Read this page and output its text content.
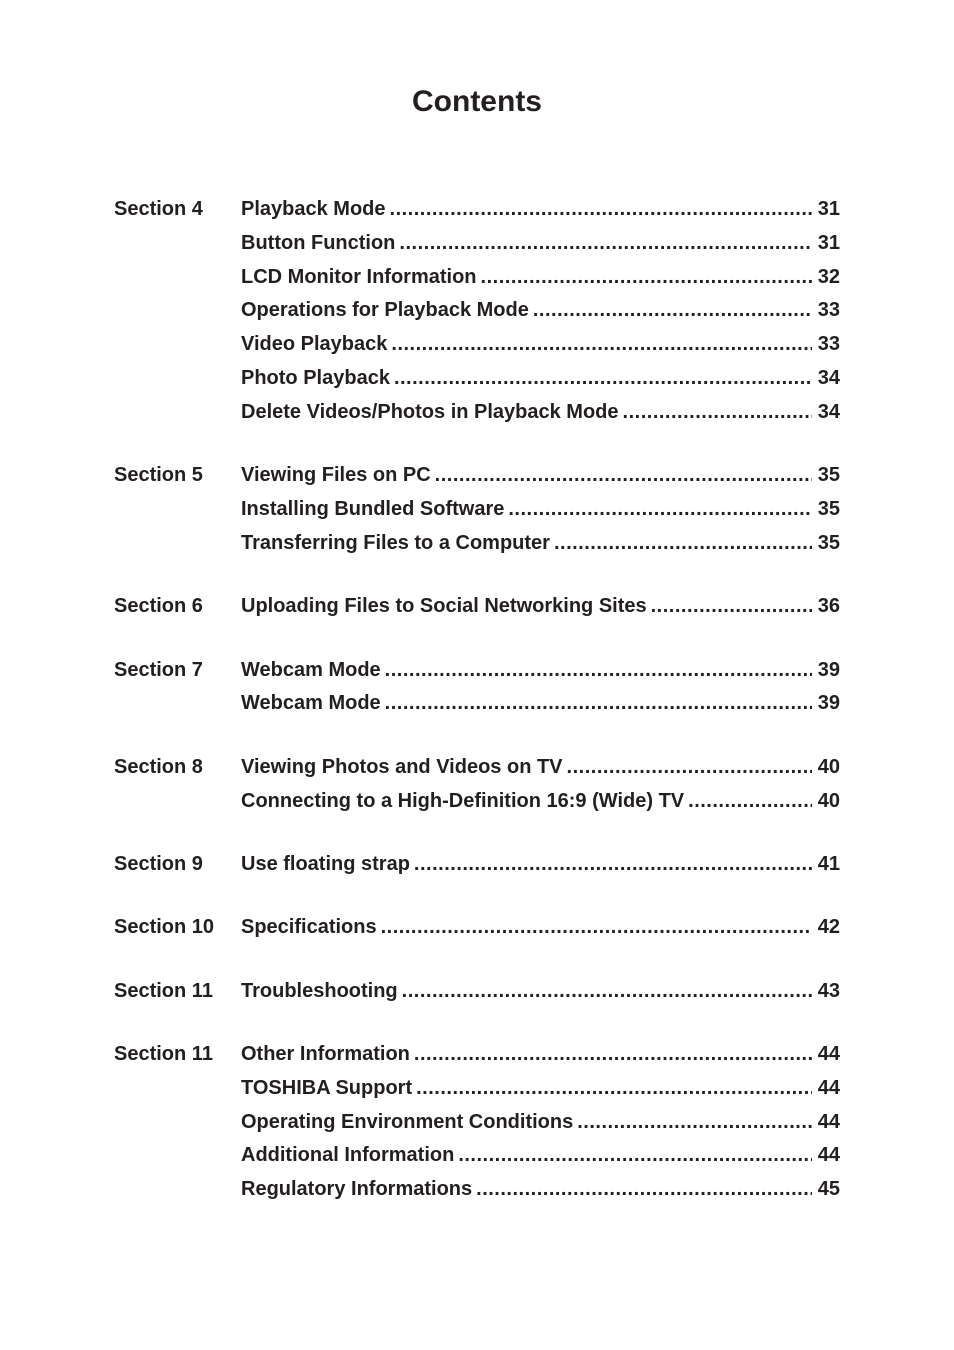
Contents
Section 4	Playback Mode .....	31
Button Function .....	31
LCD Monitor Information .....	32
Operations for Playback Mode .....	33
Video Playback .....	33
Photo Playback .....	34
Delete Videos/Photos in Playback Mode .....	34
Section 5	Viewing Files on PC .....	35
Installing Bundled Software .....	35
Transferring Files to a Computer .....	35
Section 6	Uploading Files to Social Networking Sites .....	36
Section 7	Webcam Mode .....	39
Webcam Mode .....	39
Section 8	Viewing Photos and Videos on TV .....	40
Connecting to a High-Definition 16:9 (Wide) TV .....	40
Section 9	Use floating strap .....	41
Section 10	Specifications .....	42
Section 11	Troubleshooting .....	43
Section 11	Other Information .....	44
TOSHIBA Support .....	44
Operating Environment Conditions .....	44
Additional Information .....	44
Regulatory Informations .....	45
